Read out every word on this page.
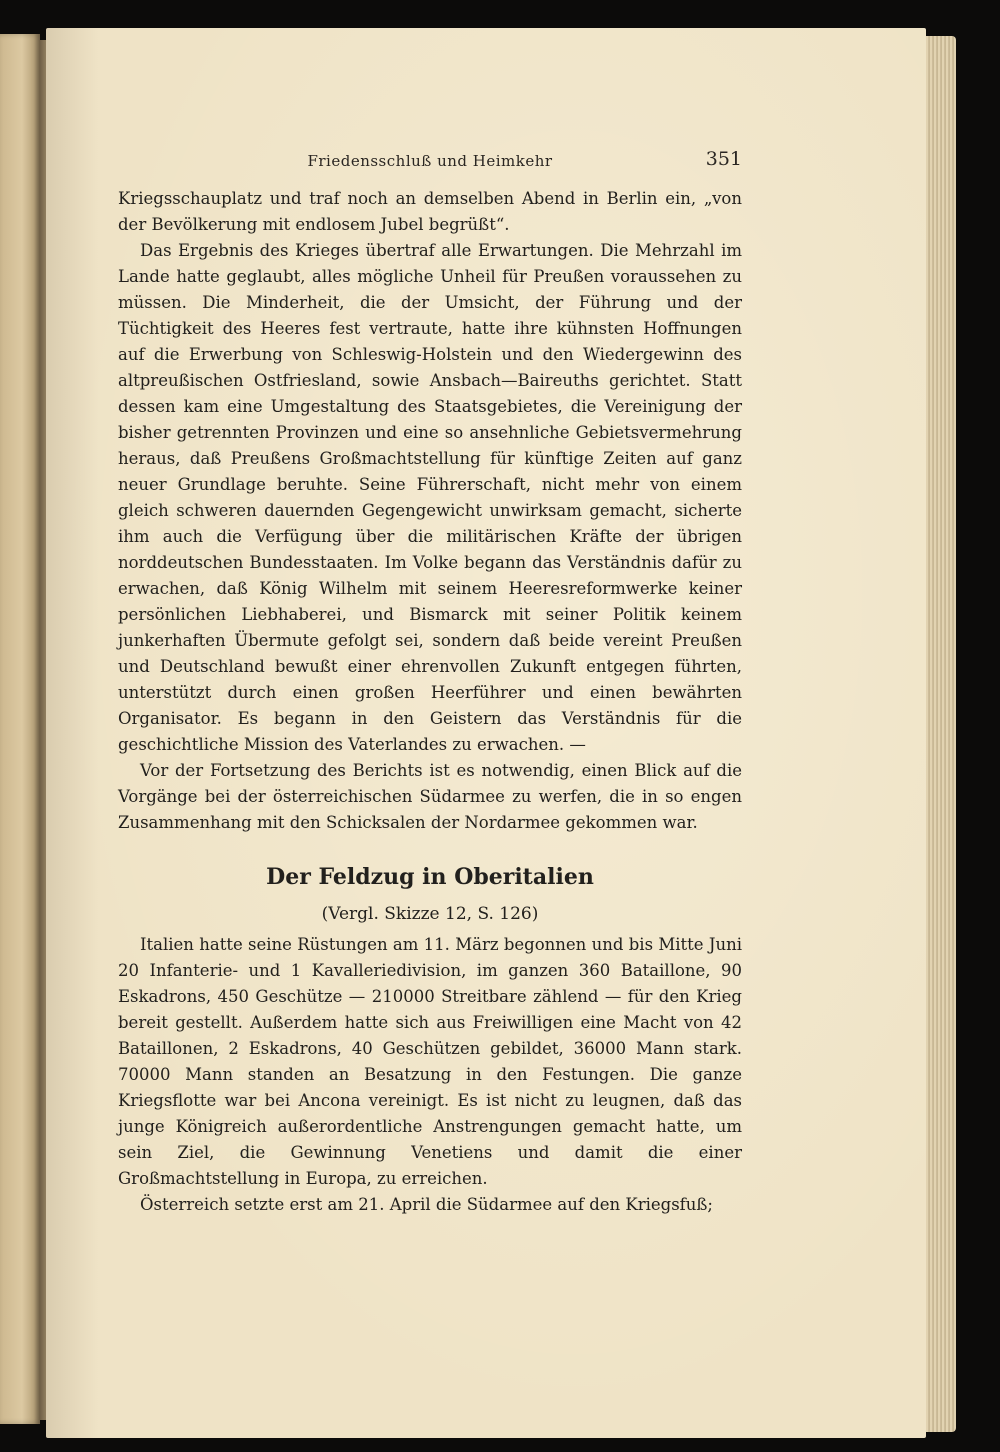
Friedensschluß und Heimkehr	351

Kriegsschauplatz und traf noch an demselben Abend in Berlin ein, „von der Bevölkerung mit endlosem Jubel begrüßt“.

Das Ergebnis des Krieges übertraf alle Erwartungen. Die Mehrzahl im Lande hatte geglaubt, alles mögliche Unheil für Preußen voraussehen zu müssen. Die Minderheit, die der Umsicht, der Führung und der Tüchtigkeit des Heeres fest vertraute, hatte ihre kühnsten Hoffnungen auf die Erwerbung von Schleswig-Holstein und den Wiedergewinn des altpreußischen Ostfriesland, sowie Ansbach—Baireuths gerichtet. Statt dessen kam eine Umgestaltung des Staatsgebietes, die Vereinigung der bisher getrennten Provinzen und eine so ansehnliche Gebietsvermehrung heraus, daß Preußens Großmachtstellung für künftige Zeiten auf ganz neuer Grundlage beruhte. Seine Führerschaft, nicht mehr von einem gleich schweren dauernden Gegengewicht unwirksam gemacht, sicherte ihm auch die Verfügung über die militärischen Kräfte der übrigen norddeutschen Bundesstaaten. Im Volke begann das Verständnis dafür zu erwachen, daß König Wilhelm mit seinem Heeresreformwerke keiner persönlichen Liebhaberei, und Bismarck mit seiner Politik keinem junkerhaften Übermute gefolgt sei, sondern daß beide vereint Preußen und Deutschland bewußt einer ehrenvollen Zukunft entgegen führten, unterstützt durch einen großen Heerführer und einen bewährten Organisator. Es begann in den Geistern das Verständnis für die geschichtliche Mission des Vaterlandes zu erwachen. —

Vor der Fortsetzung des Berichts ist es notwendig, einen Blick auf die Vorgänge bei der österreichischen Südarmee zu werfen, die in so engen Zusammenhang mit den Schicksalen der Nordarmee gekommen war.

Der Feldzug in Oberitalien
(Vergl. Skizze 12, S. 126)

Italien hatte seine Rüstungen am 11. März begonnen und bis Mitte Juni 20 Infanterie- und 1 Kavalleriedivision, im ganzen 360 Bataillone, 90 Eskadrons, 450 Geschütze — 210000 Streitbare zählend — für den Krieg bereit gestellt. Außerdem hatte sich aus Freiwilligen eine Macht von 42 Bataillonen, 2 Eskadrons, 40 Geschützen gebildet, 36000 Mann stark. 70000 Mann standen an Besatzung in den Festungen. Die ganze Kriegsflotte war bei Ancona vereinigt. Es ist nicht zu leugnen, daß das junge Königreich außerordentliche Anstrengungen gemacht hatte, um sein Ziel, die Gewinnung Venetiens und damit die einer Großmachtstellung in Europa, zu erreichen.

Österreich setzte erst am 21. April die Südarmee auf den Kriegsfuß;
